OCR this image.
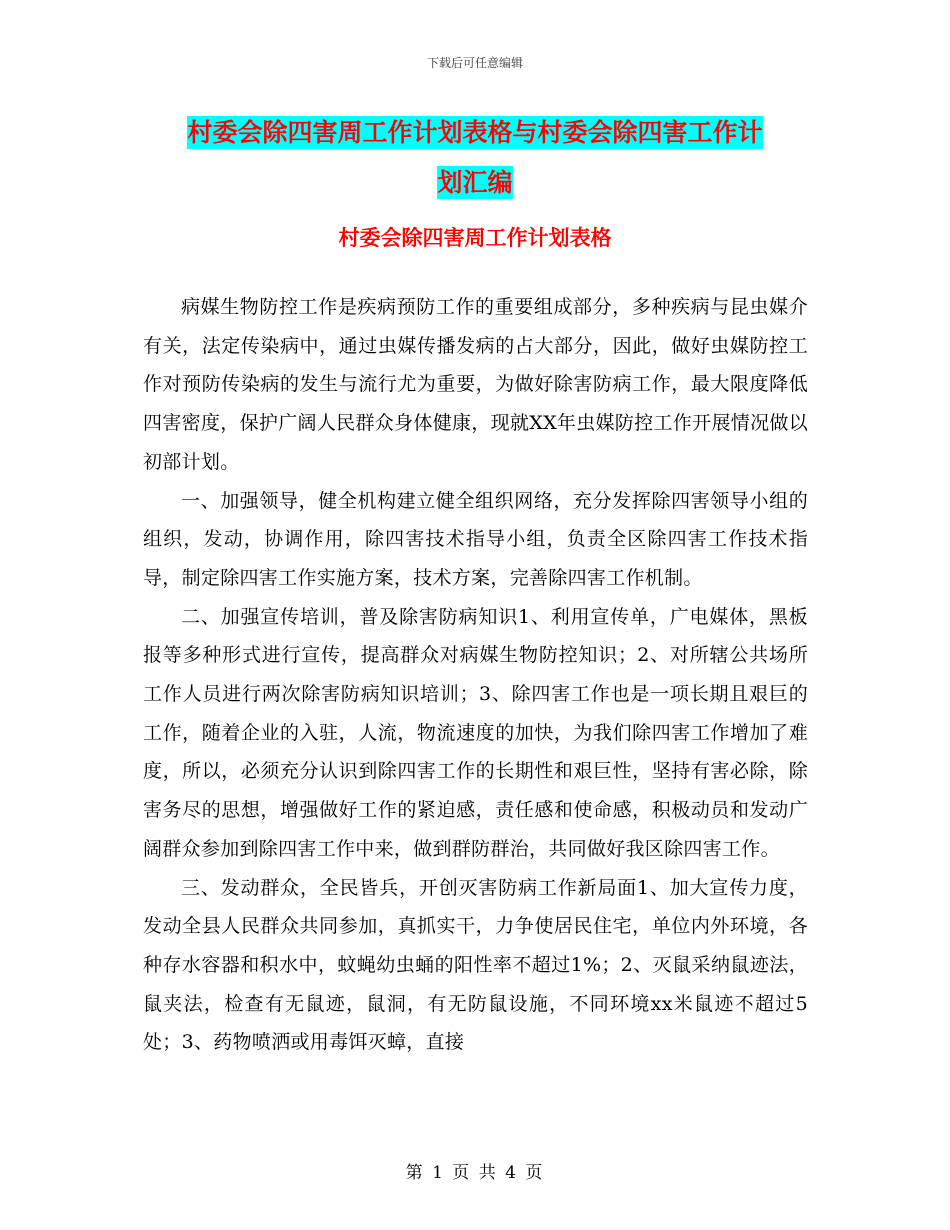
下载后可任意编辑
村委会除四害周工作计划表格与村委会除四害工作计
划汇编
村委会除四害周工作计划表格

病媒生物防控工作是疾病预防工作的重要组成部分，多种疾病与昆虫媒介有关，法定传染病中，通过虫媒传播发病的占大部分，因此，做好虫媒防控工作对预防传染病的发生与流行尤为重要，为做好除害防病工作，最大限度降低四害密度，保护广阔人民群众身体健康，现就XX年虫媒防控工作开展情况做以初部计划。

一、加强领导，健全机构建立健全组织网络，充分发挥除四害领导小组的组织，发动，协调作用，除四害技术指导小组，负责全区除四害工作技术指导，制定除四害工作实施方案，技术方案，完善除四害工作机制。

二、加强宣传培训，普及除害防病知识1、利用宣传单，广电媒体，黑板报等多种形式进行宣传，提高群众对病媒生物防控知识；2、对所辖公共场所工作人员进行两次除害防病知识培训；3、除四害工作也是一项长期且艰巨的工作，随着企业的入驻，人流，物流速度的加快，为我们除四害工作增加了难度，所以，必须充分认识到除四害工作的长期性和艰巨性，坚持有害必除，除害务尽的思想，增强做好工作的紧迫感，责任感和使命感，积极动员和发动广阔群众参加到除四害工作中来，做到群防群治，共同做好我区除四害工作。

三、发动群众，全民皆兵，开创灭害防病工作新局面1、加大宣传力度，发动全县人民群众共同参加，真抓实干，力争使居民住宅，单位内外环境，各种存水容器和积水中，蚊蝇幼虫蛹的阳性率不超过1%；2、灭鼠采纳鼠迹法，鼠夹法，检查有无鼠迹，鼠洞，有无防鼠设施，不同环境xx米鼠迹不超过5处；3、药物喷洒或用毒饵灭蟑，直接

第 1 页 共 4 页
